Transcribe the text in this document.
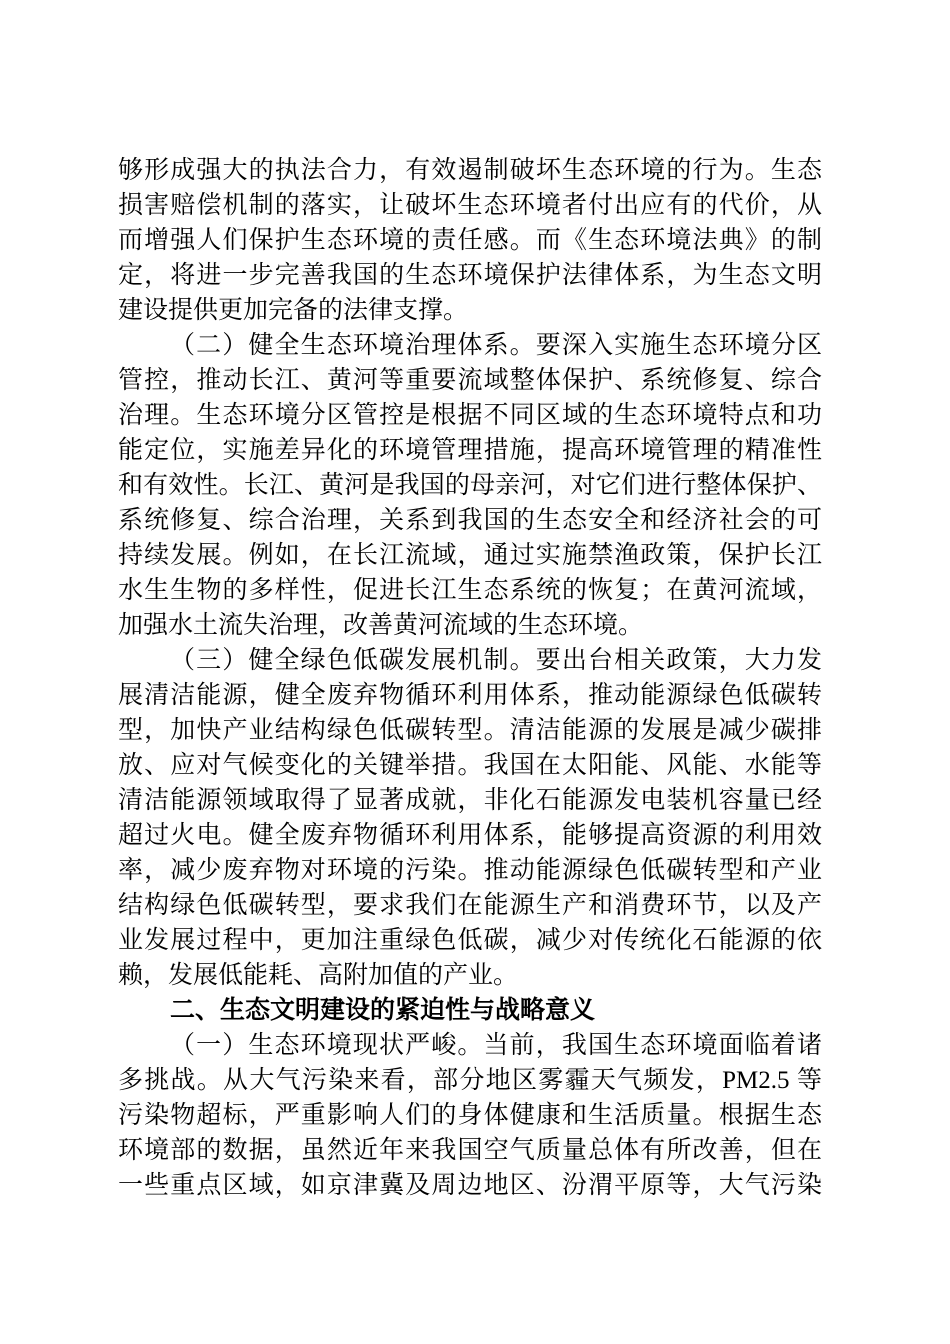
够形成强大的执法合力，有效遏制破坏生态环境的行为。生态
损害赔偿机制的落实，让破坏生态环境者付出应有的代价，从
而增强人们保护生态环境的责任感。而《生态环境法典》的制
定，将进一步完善我国的生态环境保护法律体系，为生态文明
建设提供更加完备的法律支撑。
（二）健全生态环境治理体系。要深入实施生态环境分区
管控，推动长江、黄河等重要流域整体保护、系统修复、综合
治理。生态环境分区管控是根据不同区域的生态环境特点和功
能定位，实施差异化的环境管理措施，提高环境管理的精准性
和有效性。长江、黄河是我国的母亲河，对它们进行整体保护、
系统修复、综合治理，关系到我国的生态安全和经济社会的可
持续发展。例如，在长江流域，通过实施禁渔政策，保护长江
水生生物的多样性，促进长江生态系统的恢复；在黄河流域，
加强水土流失治理，改善黄河流域的生态环境。
（三）健全绿色低碳发展机制。要出台相关政策，大力发
展清洁能源，健全废弃物循环利用体系，推动能源绿色低碳转
型，加快产业结构绿色低碳转型。清洁能源的发展是减少碳排
放、应对气候变化的关键举措。我国在太阳能、风能、水能等
清洁能源领域取得了显著成就，非化石能源发电装机容量已经
超过火电。健全废弃物循环利用体系，能够提高资源的利用效
率，减少废弃物对环境的污染。推动能源绿色低碳转型和产业
结构绿色低碳转型，要求我们在能源生产和消费环节，以及产
业发展过程中，更加注重绿色低碳，减少对传统化石能源的依
赖，发展低能耗、高附加值的产业。
二、生态文明建设的紧迫性与战略意义
（一）生态环境现状严峻。当前，我国生态环境面临着诸
多挑战。从大气污染来看，部分地区雾霾天气频发，PM2.5 等
污染物超标，严重影响人们的身体健康和生活质量。根据生态
环境部的数据，虽然近年来我国空气质量总体有所改善，但在
一些重点区域，如京津冀及周边地区、汾渭平原等，大气污染
